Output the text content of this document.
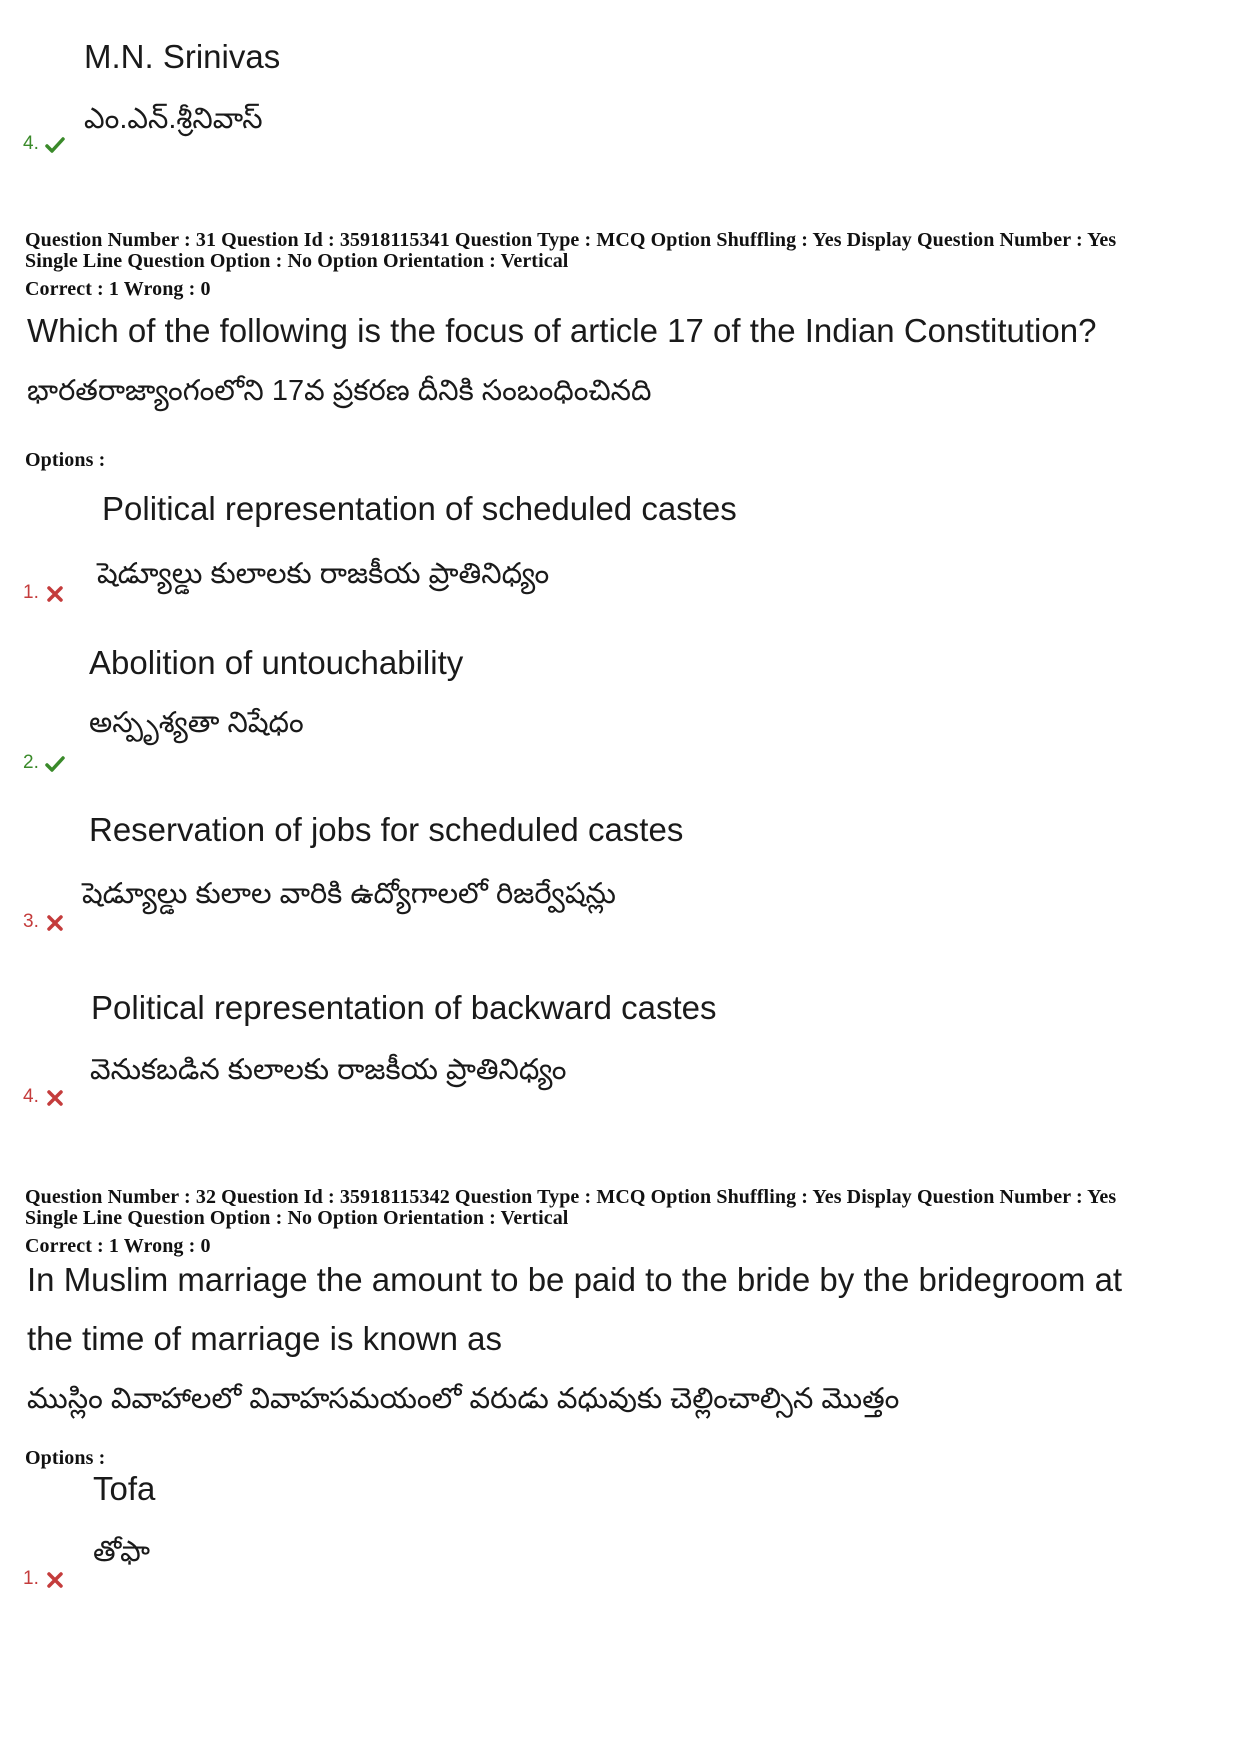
M.N. Srinivas
ఎం.ఎన్.శ్రీనివాస్
4.
Question Number : 31 Question Id : 35918115341 Question Type : MCQ Option Shuffling : Yes Display Question Number : Yes
Single Line Question Option : No Option Orientation : Vertical
Correct : 1 Wrong : 0
Which of the following is the focus of article 17 of the Indian Constitution?
భారతరాజ్యాంగంలోని 17వ ప్రకరణ దీనికి సంబంధించినది
Options :
Political representation of scheduled castes
షెడ్యూల్డు కులాలకు రాజకీయ ప్రాతినిధ్యం
1.
Abolition of untouchability
అస్పృశ్యతా నిషేధం
2.
Reservation of jobs for scheduled castes
షెడ్యూల్డు కులాల వారికి ఉద్యోగాలలో రిజర్వేషన్లు
3.
Political representation of backward castes
వెనుకబడిన కులాలకు రాజకీయ ప్రాతినిధ్యం
4.
Question Number : 32 Question Id : 35918115342 Question Type : MCQ Option Shuffling : Yes Display Question Number : Yes
Single Line Question Option : No Option Orientation : Vertical
Correct : 1 Wrong : 0
In Muslim marriage the amount to be paid to the bride by the bridegroom at
the time of marriage is known as
ముస్లిం వివాహాలలో వివాహసమయంలో వరుడు వధువుకు చెల్లించాల్సిన మొత్తం
Options :
Tofa
తోఫా
1.
